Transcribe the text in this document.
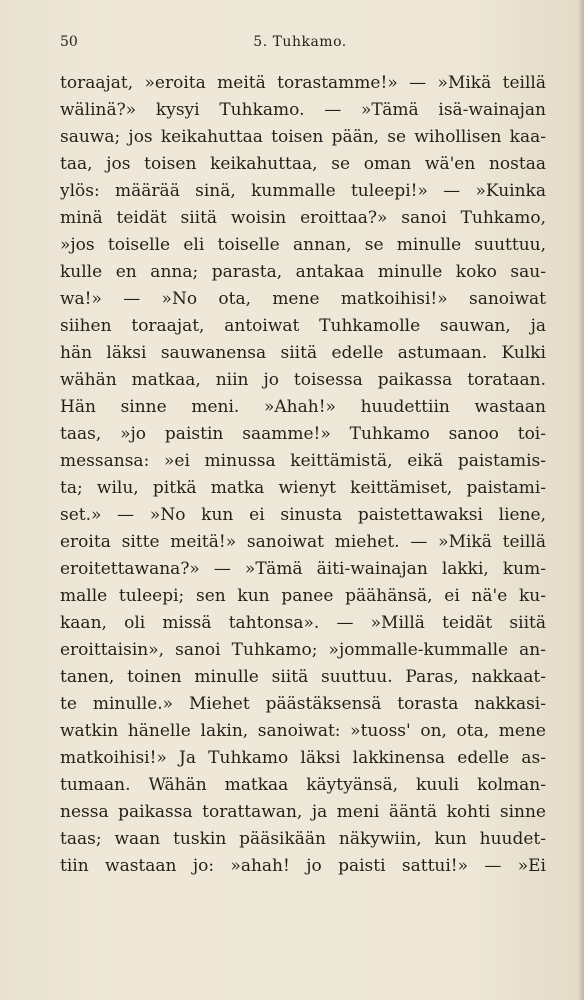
50	5. Tuhkamo.
toraajat, »eroita meitä torastamme!» — »Mikä teillä
wälinä?» kysyi Tuhkamo. — »Tämä isä-wainajan
sauwa; jos keikahuttaa toisen pään, se wihollisen kaa-
taa, jos toisen keikahuttaa, se oman wä'en nostaa
ylös: määrää sinä, kummalle tuleepi!» — »Kuinka
minä teidät siitä woisin eroittaa?» sanoi Tuhkamo,
»jos toiselle eli toiselle annan, se minulle suuttuu,
kulle en anna; parasta, antakaa minulle koko sau-
wa!» — »No ota, mene matkoihisi!» sanoiwat
siihen toraajat, antoiwat Tuhkamolle sauwan, ja
hän läksi sauwanensa siitä edelle astumaan. Kulki
wähän matkaa, niin jo toisessa paikassa torataan.
Hän sinne meni. »Ahah!» huudettiin wastaan
taas, »jo paistin saamme!» Tuhkamo sanoo toi-
messansa: »ei minussa keittämistä, eikä paistamis-
ta; wilu, pitkä matka wienyt keittämiset, paistami-
set.» — »No kun ei sinusta paistettawaksi liene,
eroita sitte meitä!» sanoiwat miehet. — »Mikä teillä
eroitettawana?» — »Tämä äiti-wainajan lakki, kum-
malle tuleepi; sen kun panee päähänsä, ei nä'e ku-
kaan, oli missä tahtonsa». — »Millä teidät siitä
eroittaisin», sanoi Tuhkamo; »jommalle-kummalle an-
tanen, toinen minulle siitä suuttuu. Paras, nakkaat-
te minulle.» Miehet päästäksensä torasta nakkasi-
watkin hänelle lakin, sanoiwat: »tuoss' on, ota, mene
matkoihisi!» Ja Tuhkamo läksi lakkinensa edelle as-
tumaan. Wähän matkaa käytyänsä, kuuli kolman-
nessa paikassa torattawan, ja meni ääntä kohti sinne
taas; waan tuskin pääsikään näkywiin, kun huudet-
tiin wastaan jo: »ahah! jo paisti sattui!» — »Ei
